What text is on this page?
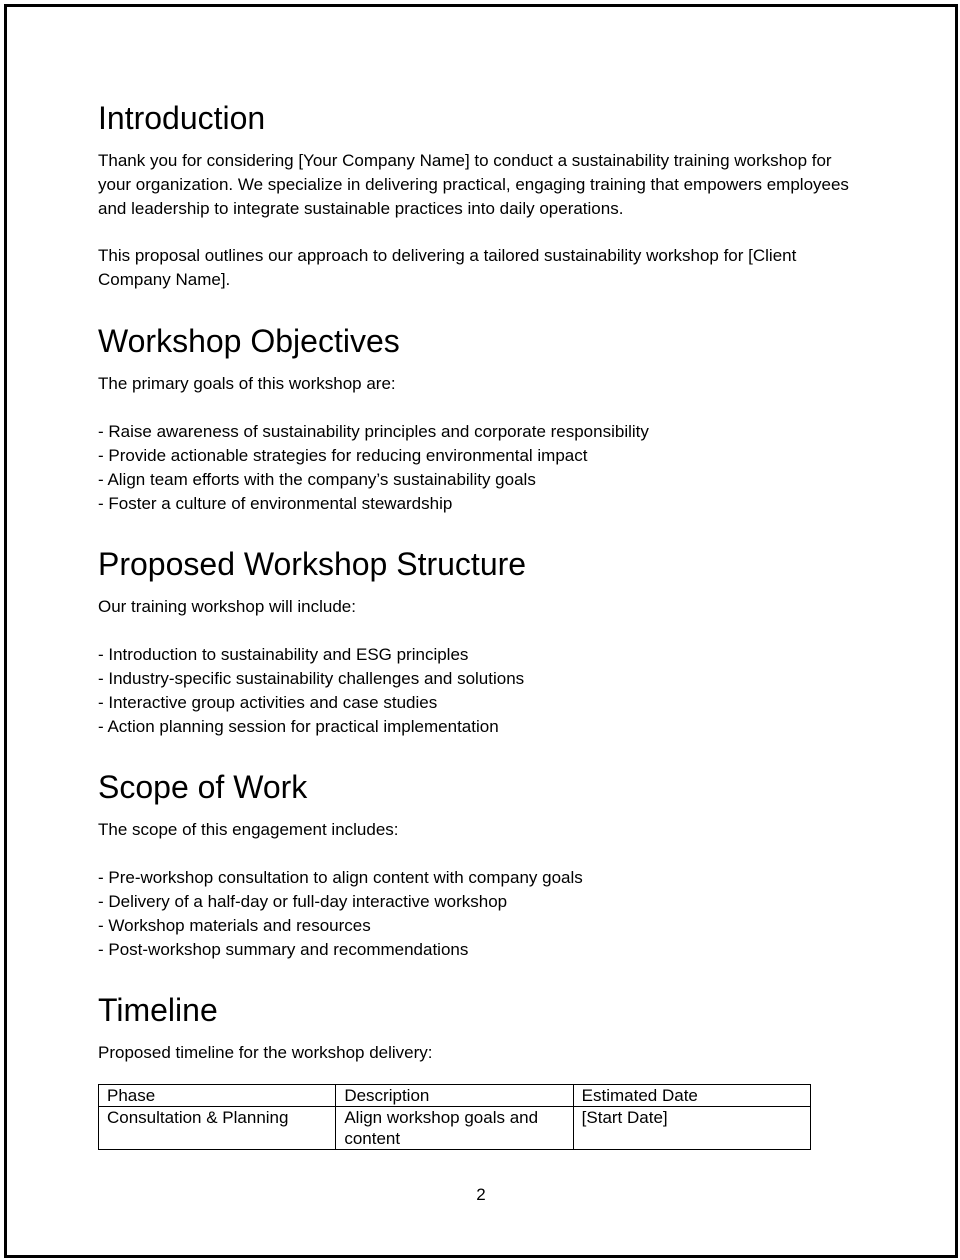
Introduction

Thank you for considering [Your Company Name] to conduct a sustainability training workshop for your organization. We specialize in delivering practical, engaging training that empowers employees and leadership to integrate sustainable practices into daily operations.

This proposal outlines our approach to delivering a tailored sustainability workshop for [Client Company Name].

Workshop Objectives

The primary goals of this workshop are:

- Raise awareness of sustainability principles and corporate responsibility
- Provide actionable strategies for reducing environmental impact
- Align team efforts with the company’s sustainability goals
- Foster a culture of environmental stewardship
Proposed Workshop Structure

Our training workshop will include:

- Introduction to sustainability and ESG principles
- Industry-specific sustainability challenges and solutions
- Interactive group activities and case studies
- Action planning session for practical implementation
Scope of Work

The scope of this engagement includes:

- Pre-workshop consultation to align content with company goals
- Delivery of a half-day or full-day interactive workshop
- Workshop materials and resources
- Post-workshop summary and recommendations
Timeline

Proposed timeline for the workshop delivery:

Phase	Description	Estimated Date
Consultation & Planning	Align workshop goals and content	[Start Date]
2
